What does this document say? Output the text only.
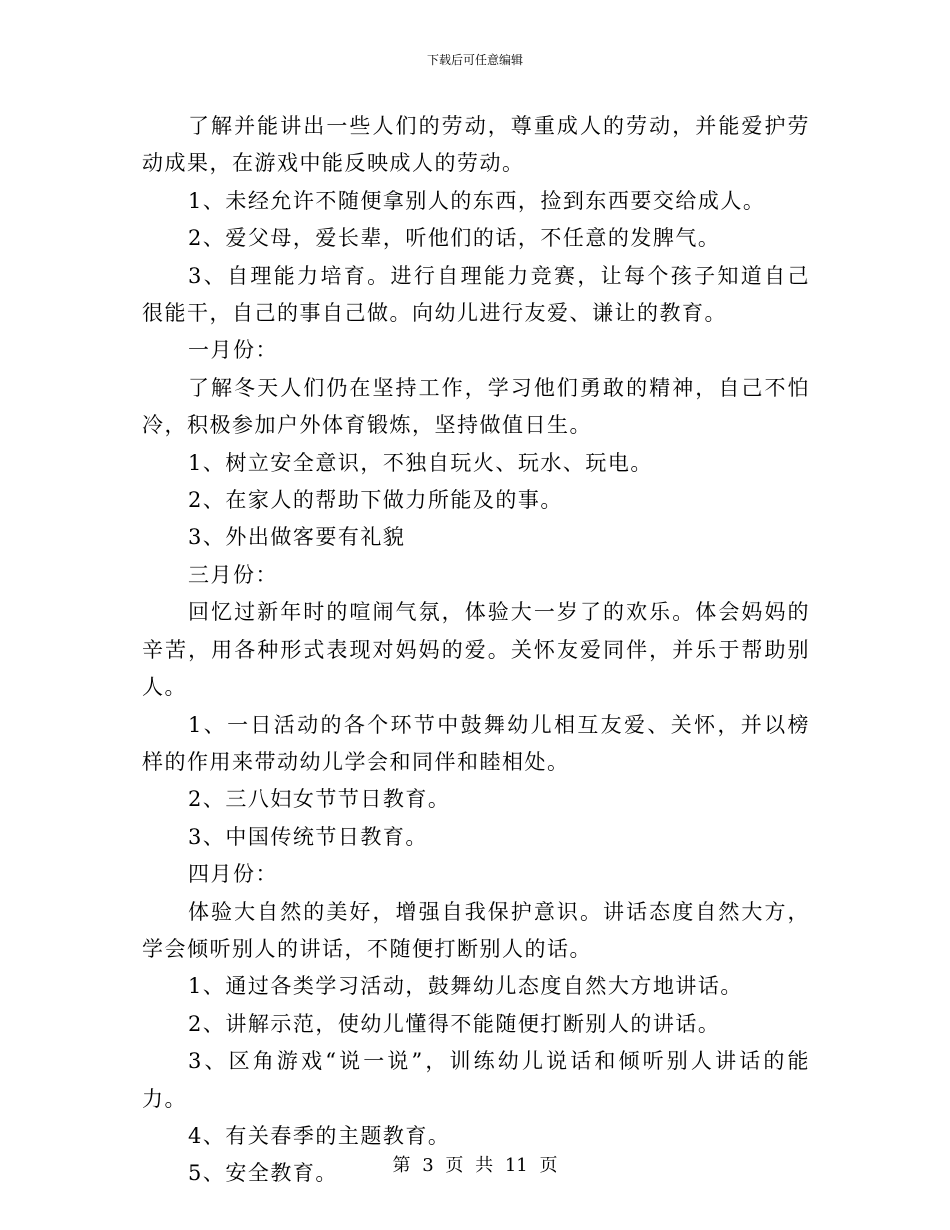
下载后可任意编辑

了解并能讲出一些人们的劳动，尊重成人的劳动，并能爱护劳动成果，在游戏中能反映成人的劳动。

1、未经允许不随便拿别人的东西，捡到东西要交给成人。

2、爱父母，爱长辈，听他们的话，不任意的发脾气。

3、自理能力培育。进行自理能力竞赛，让每个孩子知道自己很能干，自己的事自己做。向幼儿进行友爱、谦让的教育。

一月份：

了解冬天人们仍在坚持工作，学习他们勇敢的精神，自己不怕冷，积极参加户外体育锻炼，坚持做值日生。

1、树立安全意识，不独自玩火、玩水、玩电。

2、在家人的帮助下做力所能及的事。

3、外出做客要有礼貌

三月份：

回忆过新年时的喧闹气氛，体验大一岁了的欢乐。体会妈妈的辛苦，用各种形式表现对妈妈的爱。关怀友爱同伴，并乐于帮助别人。

1、一日活动的各个环节中鼓舞幼儿相互友爱、关怀，并以榜样的作用来带动幼儿学会和同伴和睦相处。

2、三八妇女节节日教育。

3、中国传统节日教育。

四月份：

体验大自然的美好，增强自我保护意识。讲话态度自然大方，学会倾听别人的讲话，不随便打断别人的话。

1、通过各类学习活动，鼓舞幼儿态度自然大方地讲话。

2、讲解示范，使幼儿懂得不能随便打断别人的讲话。

3、区角游戏“说一说”，训练幼儿说话和倾听别人讲话的能力。

4、有关春季的主题教育。

5、安全教育。	第 3 页 共 11 页
